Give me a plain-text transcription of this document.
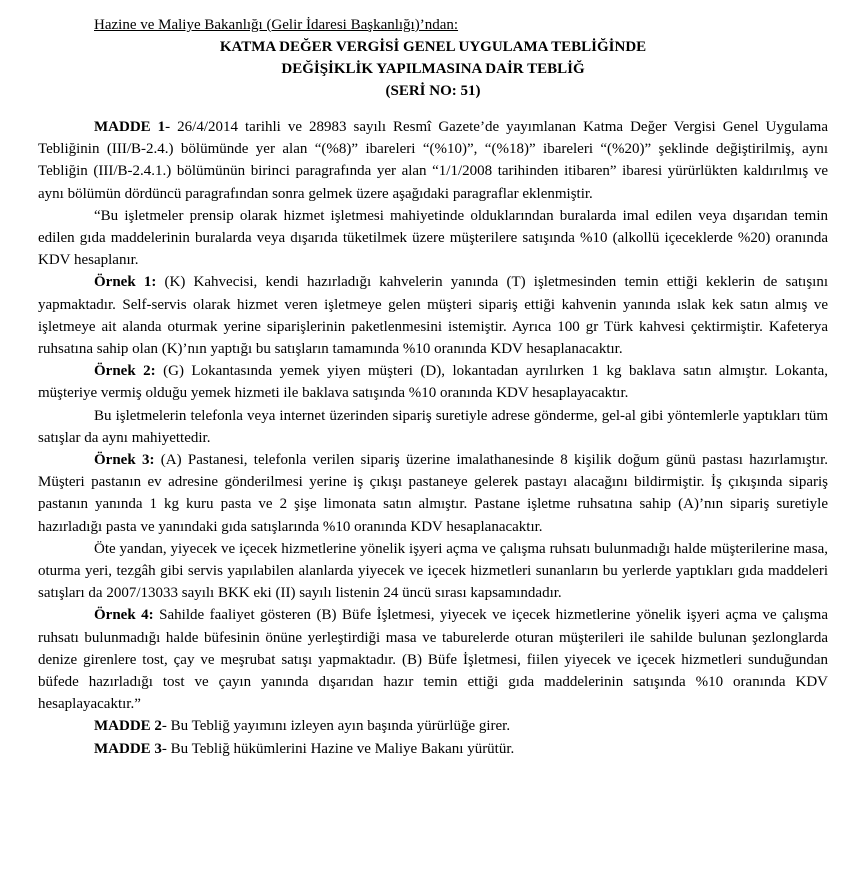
Hazine ve Maliye Bakanlığı (Gelir İdaresi Başkanlığı)’ndan:

KATMA DEĞER VERGİSİ GENEL UYGULAMA TEBLİĞİNDE

DEĞİŞİKLİK YAPILMASINA DAİR TEBLİĞ

(SERİ NO: 51)

MADDE 1- 26/4/2014 tarihli ve 28983 sayılı Resmî Gazete’de yayımlanan Katma Değer Vergisi Genel Uygulama Tebliğinin (III/B-2.4.) bölümünde yer alan “(%8)” ibareleri “(%10)”, “(%18)” ibareleri “(%20)” şeklinde değiştirilmiş, aynı Tebliğin (III/B-2.4.1.) bölümünün birinci paragrafında yer alan “1/1/2008 tarihinden itibaren” ibaresi yürürlükten kaldırılmış ve aynı bölümün dördüncü paragrafından sonra gelmek üzere aşağıdaki paragraflar eklenmiştir.

“Bu işletmeler prensip olarak hizmet işletmesi mahiyetinde olduklarından buralarda imal edilen veya dışarıdan temin edilen gıda maddelerinin buralarda veya dışarıda tüketilmek üzere müşterilere satışında %10 (alkollü içeceklerde %20) oranında KDV hesaplanır.

Örnek 1: (K) Kahvecisi, kendi hazırladığı kahvelerin yanında (T) işletmesinden temin ettiği keklerin de satışını yapmaktadır. Self-servis olarak hizmet veren işletmeye gelen müşteri sipariş ettiği kahvenin yanında ıslak kek satın almış ve işletmeye ait alanda oturmak yerine siparişlerinin paketlenmesini istemiştir. Ayrıca 100 gr Türk kahvesi çektirmiştir. Kafeterya ruhsatına sahip olan (K)’nın yaptığı bu satışların tamamında %10 oranında KDV hesaplanacaktır.

Örnek 2: (G) Lokantasında yemek yiyen müşteri (D), lokantadan ayrılırken 1 kg baklava satın almıştır. Lokanta, müşteriye vermiş olduğu yemek hizmeti ile baklava satışında %10 oranında KDV hesaplayacaktır.

Bu işletmelerin telefonla veya internet üzerinden sipariş suretiyle adrese gönderme, gel-al gibi yöntemlerle yaptıkları tüm satışlar da aynı mahiyettedir.

Örnek 3: (A) Pastanesi, telefonla verilen sipariş üzerine imalathanesinde 8 kişilik doğum günü pastası hazırlamıştır. Müşteri pastanın ev adresine gönderilmesi yerine iş çıkışı pastaneye gelerek pastayı alacağını bildirmiştir. İş çıkışında sipariş pastanın yanında 1 kg kuru pasta ve 2 şişe limonata satın almıştır. Pastane işletme ruhsatına sahip (A)’nın sipariş suretiyle hazırladığı pasta ve yanındaki gıda satışlarında %10 oranında KDV hesaplanacaktır.

Öte yandan, yiyecek ve içecek hizmetlerine yönelik işyeri açma ve çalışma ruhsatı bulunmadığı halde müşterilerine masa, oturma yeri, tezgâh gibi servis yapılabilen alanlarda yiyecek ve içecek hizmetleri sunanların bu yerlerde yaptıkları gıda maddeleri satışları da 2007/13033 sayılı BKK eki (II) sayılı listenin 24 üncü sırası kapsamındadır.

Örnek 4: Sahilde faaliyet gösteren (B) Büfe İşletmesi, yiyecek ve içecek hizmetlerine yönelik işyeri açma ve çalışma ruhsatı bulunmadığı halde büfesinin önüne yerleştirdiği masa ve taburelerde oturan müşterileri ile sahilde bulunan şezlonglarda denize girenlere tost, çay ve meşrubat satışı yapmaktadır. (B) Büfe İşletmesi, fiilen yiyecek ve içecek hizmetleri sunduğundan büfede hazırladığı tost ve çayın yanında dışarıdan hazır temin ettiği gıda maddelerinin satışında %10 oranında KDV hesaplayacaktır.”

MADDE 2- Bu Tebliğ yayımını izleyen ayın başında yürürlüğe girer.

MADDE 3- Bu Tebliğ hükümlerini Hazine ve Maliye Bakanı yürütür.
